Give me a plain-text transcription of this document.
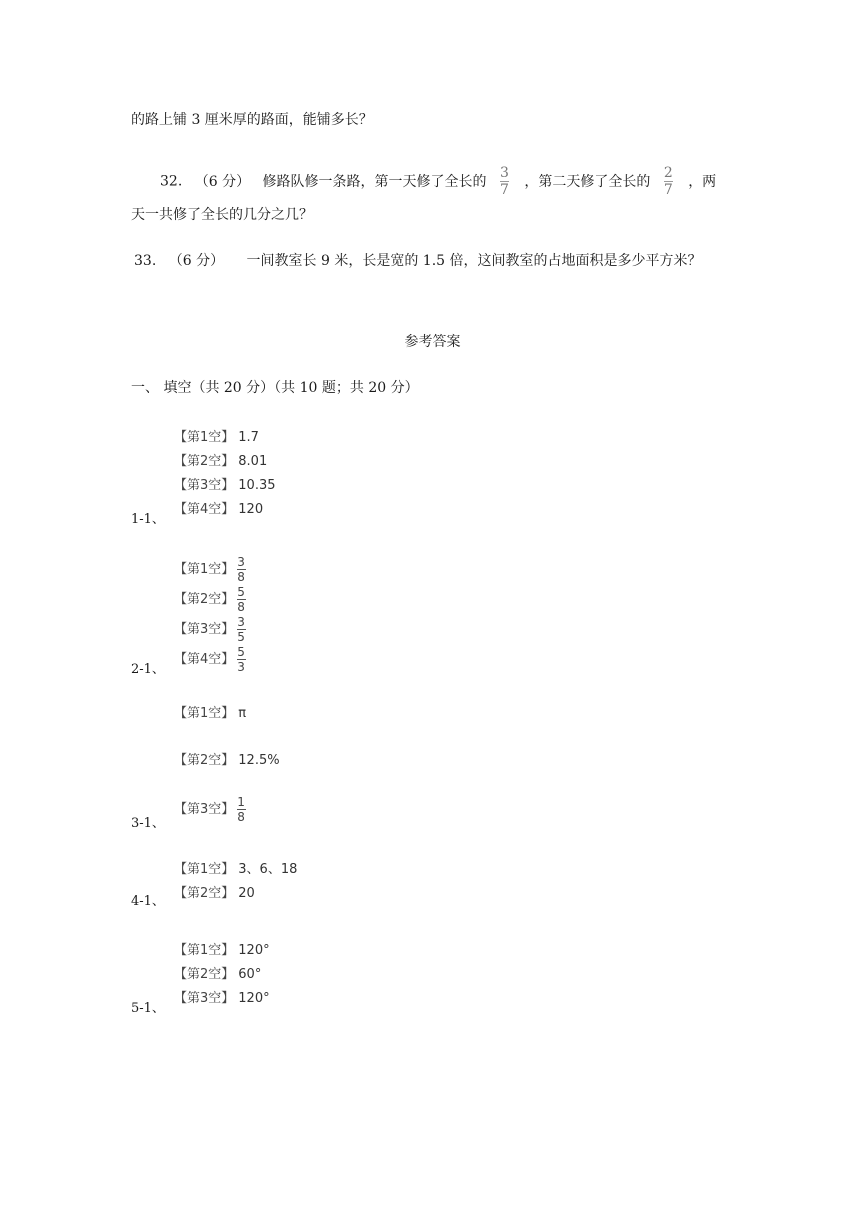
的路上铺 3 厘米厚的路面，能铺多长？
32. （6 分） 修路队修一条路，第一天修了全长的 $\frac{3}{7}$ ，第二天修了全长的 $\frac{2}{7}$ ，两
天一共修了全长的几分之几？
33. （6 分） 一间教室长 9 米，长是宽的 1.5 倍，这间教室的占地面积是多少平方米？
参考答案
一、 填空（共 20 分）（共 10 题；共 20 分）
【第1空】 1.7
【第2空】 8.01
【第3空】 10.35
【第4空】 120
1-1、
【第1空】 $\frac{3}{8}$
【第2空】 $\frac{5}{8}$
【第3空】 $\frac{3}{5}$
【第4空】 $\frac{5}{3}$
2-1、
【第1空】 π
【第2空】 12.5%
【第3空】 $\frac{1}{8}$
3-1、
【第1空】 3、6、18
【第2空】 20
4-1、
【第1空】 120°
【第2空】 60°
【第3空】 120°
5-1、
